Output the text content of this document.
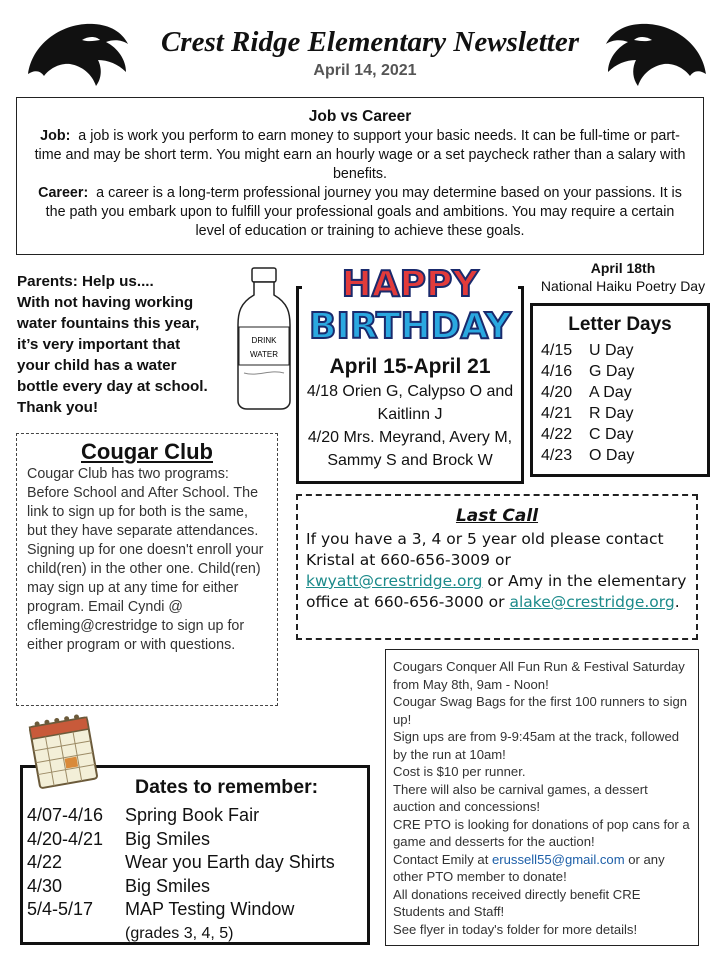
Crest Ridge Elementary Newsletter
April 14, 2021
Job vs Career
Job: a job is work you perform to earn money to support your basic needs. It can be full-time or part-time and may be short term. You might earn an hourly wage or a set paycheck rather than a salary with benefits.
Career: a career is a long-term professional journey you may determine based on your passions. It is the path you embark upon to fulfill your professional goals and ambitions. You may require a certain level of education or training to achieve these goals.
Parents: Help us....
With not having working
water fountains this year,
it’s very important that
your child has a water
bottle every day at school.
Thank you!
DRINK
WATER
HAPPY
BIRTHDAY
April 15-April 21
4/18 Orien G, Calypso O and
Kaitlinn J
4/20 Mrs. Meyrand, Avery M,
Sammy S and Brock W
April 18th
National Haiku Poetry Day
Letter Days
4/15	U Day
4/16	G Day
4/20	A Day
4/21	R Day
4/22	C Day
4/23	O Day
Cougar Club
Cougar Club has two programs: Before School and After School. The link to sign up for both is the same, but they have separate attendances. Signing up for one doesn't enroll your child(ren) in the other one. Child(ren) may sign up at any time for either program. Email Cyndi @ cfleming@crestridge to sign up for either program or with questions.
Last Call
If you have a 3, 4 or 5 year old please contact Kristal at 660-656-3009 or kwyatt@crestridge.org or Amy in the elementary office at 660-656-3000 or alake@crestridge.org.
Cougars Conquer All Fun Run & Festival Saturday from May 8th, 9am - Noon!
Cougar Swag Bags for the first 100 runners to sign up!
Sign ups are from 9-9:45am at the track, followed by the run at 10am!
Cost is $10 per runner.
There will also be carnival games, a dessert auction and concessions!
CRE PTO is looking for donations of pop cans for a game and desserts for the auction!
Contact Emily at erussell55@gmail.com or any other PTO member to donate!
All donations received directly benefit CRE Students and Staff!
See flyer in today's folder for more details!
Dates to remember:
4/07-4/16	Spring Book Fair
4/20-4/21	Big Smiles
4/22	Wear you Earth day Shirts
4/30	Big Smiles
5/4-5/17	MAP Testing Window
(grades 3, 4, 5)
